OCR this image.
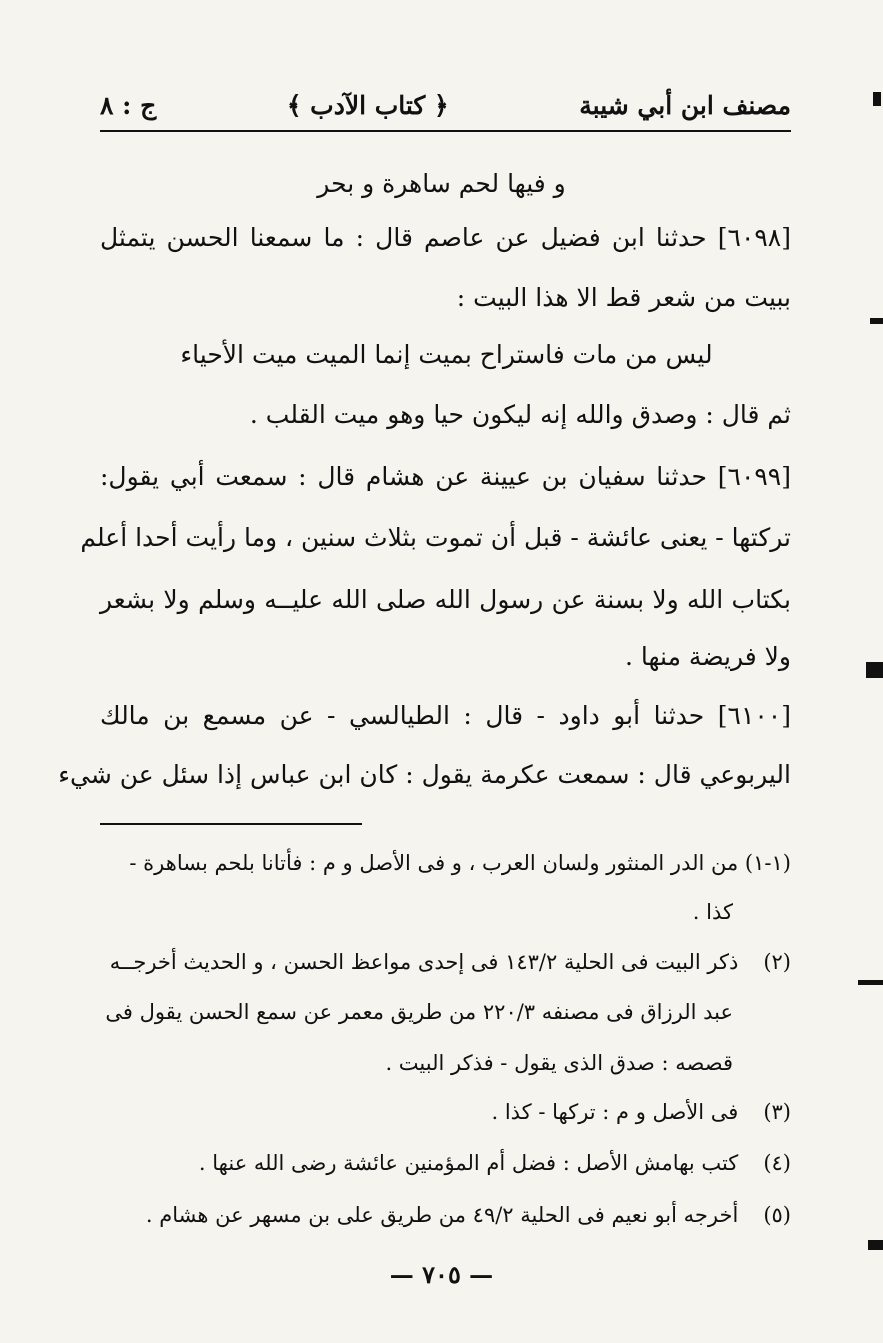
مصنف ابن أبي شيبة
﴿ كتاب الآدب ﴾
ج : ٨
و فيها لحم ساهرة و بحر
[٦٠٩٨] حدثنا ابن فضيل عن عاصم قال : ما سمعنا الحسن يتمثل
ببيت من شعر قط الا هذا البيت :
ليس من مات فاستراح بميت إنما الميت ميت الأحياء
ثم قال : وصدق والله إنه ليكون حيا وهو ميت القلب .
[٦٠٩٩] حدثنا سفيان بن عيينة عن هشام قال : سمعت أبي يقول:
تركتها - يعنى عائشة - قبل أن تموت بثلاث سنين ، وما رأيت أحدا أعلم
بكتاب الله ولا بسنة عن رسول الله صلى الله عليــه وسلم ولا بشعر
ولا فريضة منها .
[٦١٠٠] حدثنا أبو داود - قال : الطيالسي - عن مسمع بن مالك
اليربوعي قال : سمعت عكرمة يقول : كان ابن عباس إذا سئل عن شيء
(١-١) من الدر المنثور ولسان العرب ، و فى الأصل و م : فأتانا بلحم بساهرة -
كذا .
(٢) ذكر البيت فى الحلية ١٤٣/٢ فى إحدى مواعظ الحسن ، و الحديث أخرجــه
عبد الرزاق فى مصنفه ٢٢٠/٣ من طريق معمر عن سمع الحسن يقول فى
قصصه : صدق الذى يقول - فذكر البيت .
(٣) فى الأصل و م : تركها - كذا .
(٤) كتب بهامش الأصل : فضل أم المؤمنين عائشة رضى الله عنها .
(٥) أخرجه أبو نعيم فى الحلية ٤٩/٢ من طريق على بن مسهر عن هشام .
— ٧٠٥ —
